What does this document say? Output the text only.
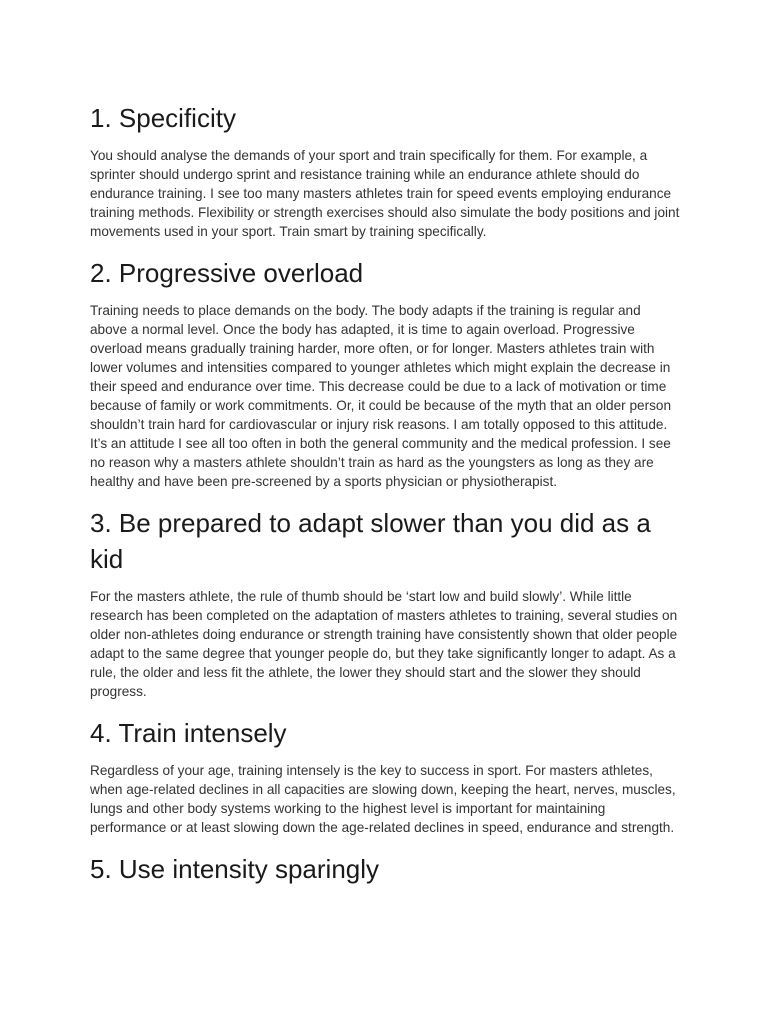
1. Specificity

You should analyse the demands of your sport and train specifically for them. For example, a sprinter should undergo sprint and resistance training while an endurance athlete should do endurance training. I see too many masters athletes train for speed events employing endurance training methods. Flexibility or strength exercises should also simulate the body positions and joint movements used in your sport. Train smart by training specifically.

2. Progressive overload

Training needs to place demands on the body. The body adapts if the training is regular and above a normal level. Once the body has adapted, it is time to again overload. Progressive overload means gradually training harder, more often, or for longer. Masters athletes train with lower volumes and intensities compared to younger athletes which might explain the decrease in their speed and endurance over time. This decrease could be due to a lack of motivation or time because of family or work commitments. Or, it could be because of the myth that an older person shouldn’t train hard for cardiovascular or injury risk reasons. I am totally opposed to this attitude. It’s an attitude I see all too often in both the general community and the medical profession. I see no reason why a masters athlete shouldn’t train as hard as the youngsters as long as they are healthy and have been pre-screened by a sports physician or physiotherapist.

3. Be prepared to adapt slower than you did as a kid

For the masters athlete, the rule of thumb should be ‘start low and build slowly’. While little research has been completed on the adaptation of masters athletes to training, several studies on older non-athletes doing endurance or strength training have consistently shown that older people adapt to the same degree that younger people do, but they take significantly longer to adapt. As a rule, the older and less fit the athlete, the lower they should start and the slower they should progress.

4. Train intensely

Regardless of your age, training intensely is the key to success in sport. For masters athletes, when age-related declines in all capacities are slowing down, keeping the heart, nerves, muscles, lungs and other body systems working to the highest level is important for maintaining performance or at least slowing down the age-related declines in speed, endurance and strength.

5. Use intensity sparingly
